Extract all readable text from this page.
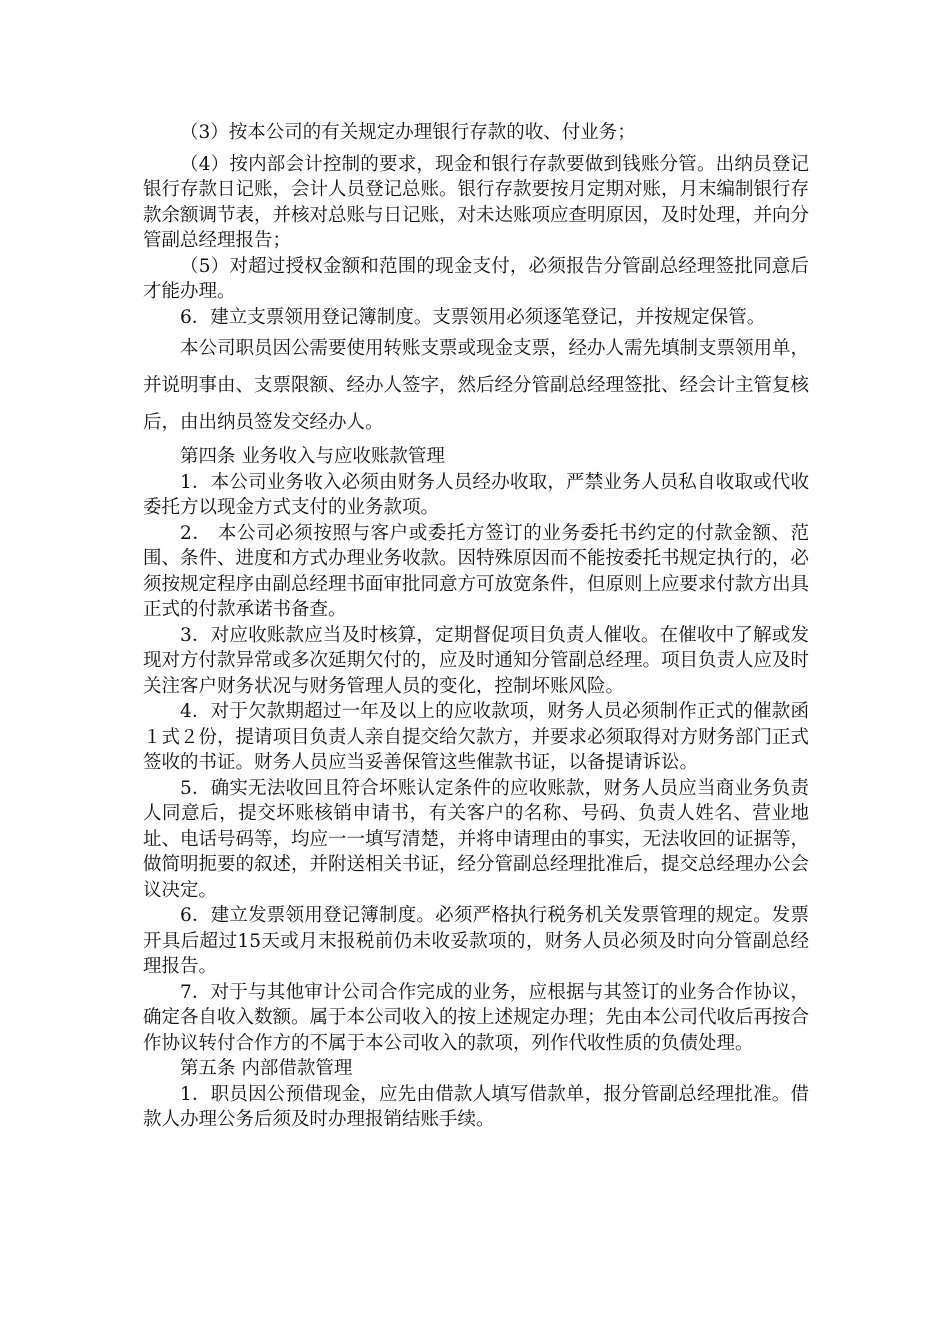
（3）按本公司的有关规定办理银行存款的收、付业务；

（4）按内部会计控制的要求，现金和银行存款要做到钱账分管。出纳员登记银行存款日记账，会计人员登记总账。银行存款要按月定期对账，月末编制银行存款余额调节表，并核对总账与日记账，对未达账项应查明原因，及时处理，并向分管副总经理报告；

（5）对超过授权金额和范围的现金支付，必须报告分管副总经理签批同意后才能办理。

6．建立支票领用登记簿制度。支票领用必须逐笔登记，并按规定保管。

本公司职员因公需要使用转账支票或现金支票，经办人需先填制支票领用单，并说明事由、支票限额、经办人签字，然后经分管副总经理签批、经会计主管复核后，由出纳员签发交经办人。

第四条 业务收入与应收账款管理

1．本公司业务收入必须由财务人员经办收取，严禁业务人员私自收取或代收委托方以现金方式支付的业务款项。

2． 本公司必须按照与客户或委托方签订的业务委托书约定的付款金额、范围、条件、进度和方式办理业务收款。因特殊原因而不能按委托书规定执行的，必须按规定程序由副总经理书面审批同意方可放宽条件，但原则上应要求付款方出具正式的付款承诺书备查。

3．对应收账款应当及时核算，定期督促项目负责人催收。在催收中了解或发现对方付款异常或多次延期欠付的，应及时通知分管副总经理。项目负责人应及时关注客户财务状况与财务管理人员的变化，控制坏账风险。

4．对于欠款期超过一年及以上的应收款项，财务人员必须制作正式的催款函１式２份，提请项目负责人亲自提交给欠款方，并要求必须取得对方财务部门正式签收的书证。财务人员应当妥善保管这些催款书证，以备提请诉讼。

5．确实无法收回且符合坏账认定条件的应收账款，财务人员应当商业务负责人同意后，提交坏账核销申请书，有关客户的名称、号码、负责人姓名、营业地址、电话号码等，均应一一填写清楚，并将申请理由的事实，无法收回的证据等，做简明扼要的叙述，并附送相关书证，经分管副总经理批准后，提交总经理办公会议决定。

6．建立发票领用登记簿制度。必须严格执行税务机关发票管理的规定。发票开具后超过15天或月末报税前仍未收妥款项的，财务人员必须及时向分管副总经理报告。

7．对于与其他审计公司合作完成的业务，应根据与其签订的业务合作协议，确定各自收入数额。属于本公司收入的按上述规定办理；先由本公司代收后再按合作协议转付合作方的不属于本公司收入的款项，列作代收性质的负债处理。

第五条 内部借款管理

1．职员因公预借现金，应先由借款人填写借款单，报分管副总经理批准。借款人办理公务后须及时办理报销结账手续。
